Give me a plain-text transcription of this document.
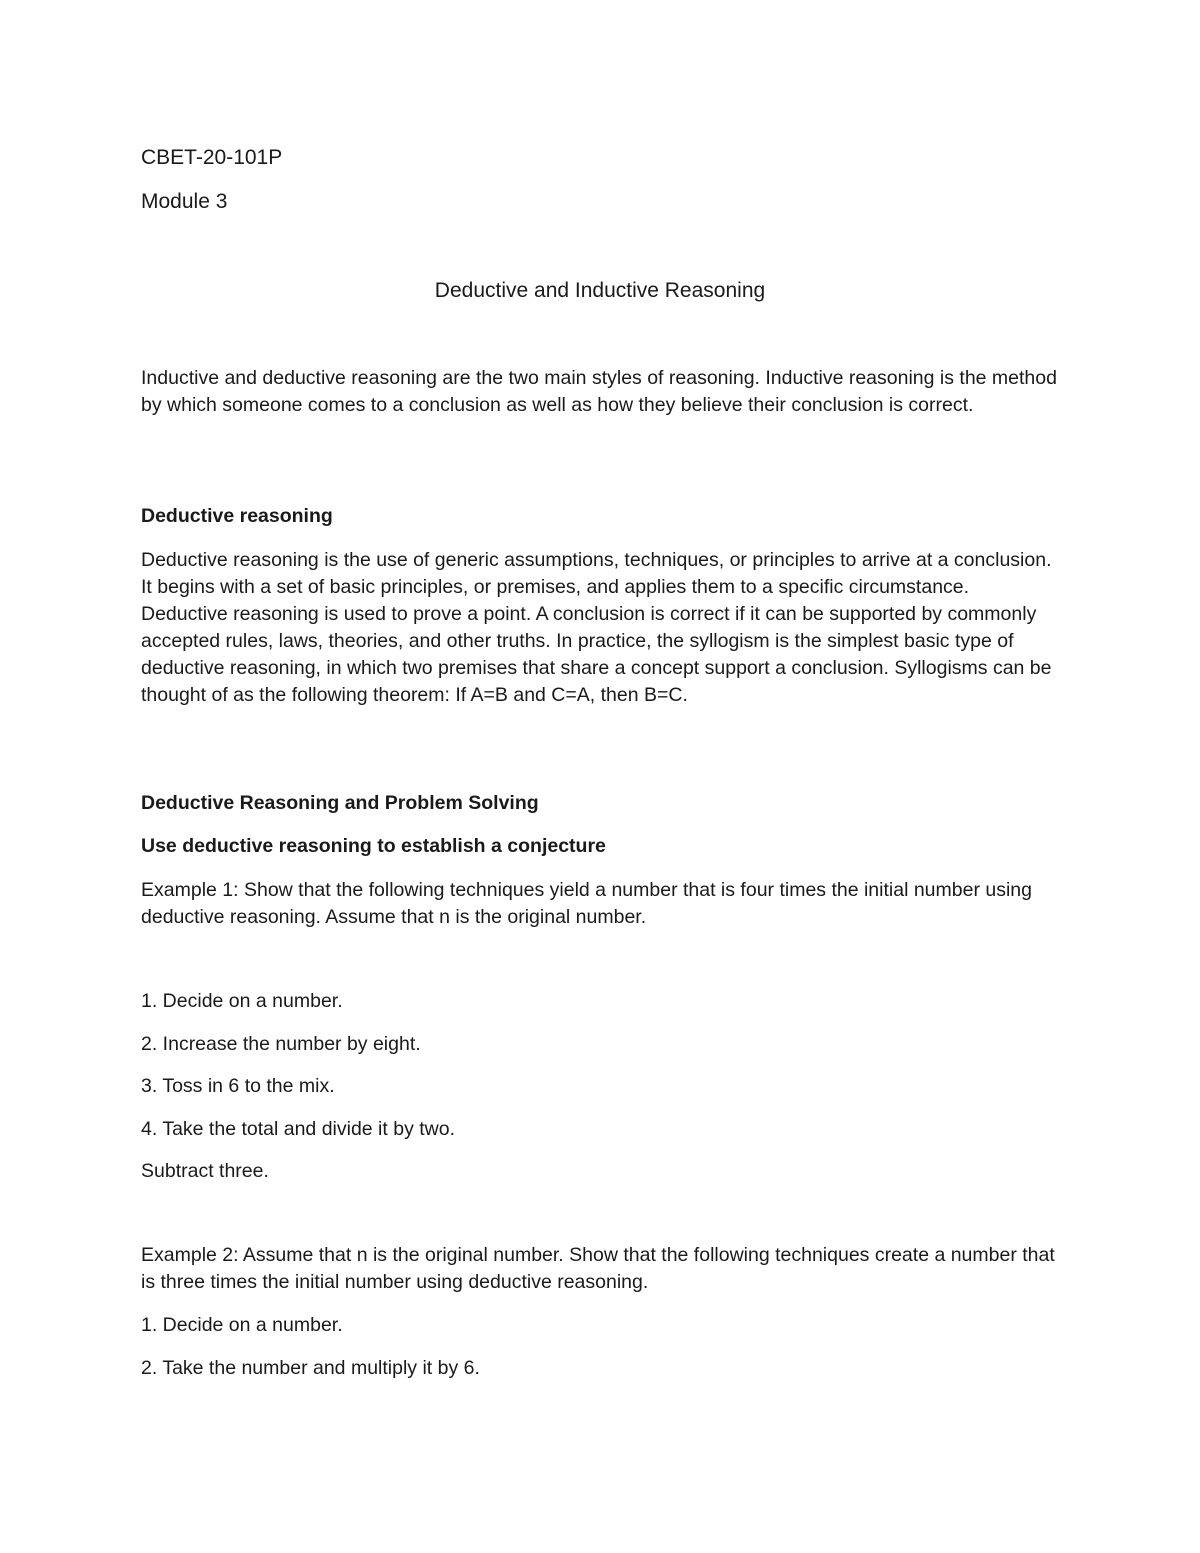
CBET-20-101P

Module 3

Deductive and Inductive Reasoning

Inductive and deductive reasoning are the two main styles of reasoning. Inductive reasoning is the method by which someone comes to a conclusion as well as how they believe their conclusion is correct.

Deductive reasoning

Deductive reasoning is the use of generic assumptions, techniques, or principles to arrive at a conclusion. It begins with a set of basic principles, or premises, and applies them to a specific circumstance. Deductive reasoning is used to prove a point. A conclusion is correct if it can be supported by commonly accepted rules, laws, theories, and other truths. In practice, the syllogism is the simplest basic type of deductive reasoning, in which two premises that share a concept support a conclusion. Syllogisms can be thought of as the following theorem: If A=B and C=A, then B=C.

Deductive Reasoning and Problem Solving

Use deductive reasoning to establish a conjecture

Example 1: Show that the following techniques yield a number that is four times the initial number using deductive reasoning. Assume that n is the original number.

1. Decide on a number.

2. Increase the number by eight.

3. Toss in 6 to the mix.

4. Take the total and divide it by two.

Subtract three.

Example 2: Assume that n is the original number. Show that the following techniques create a number that is three times the initial number using deductive reasoning.

1. Decide on a number.

2. Take the number and multiply it by 6.
